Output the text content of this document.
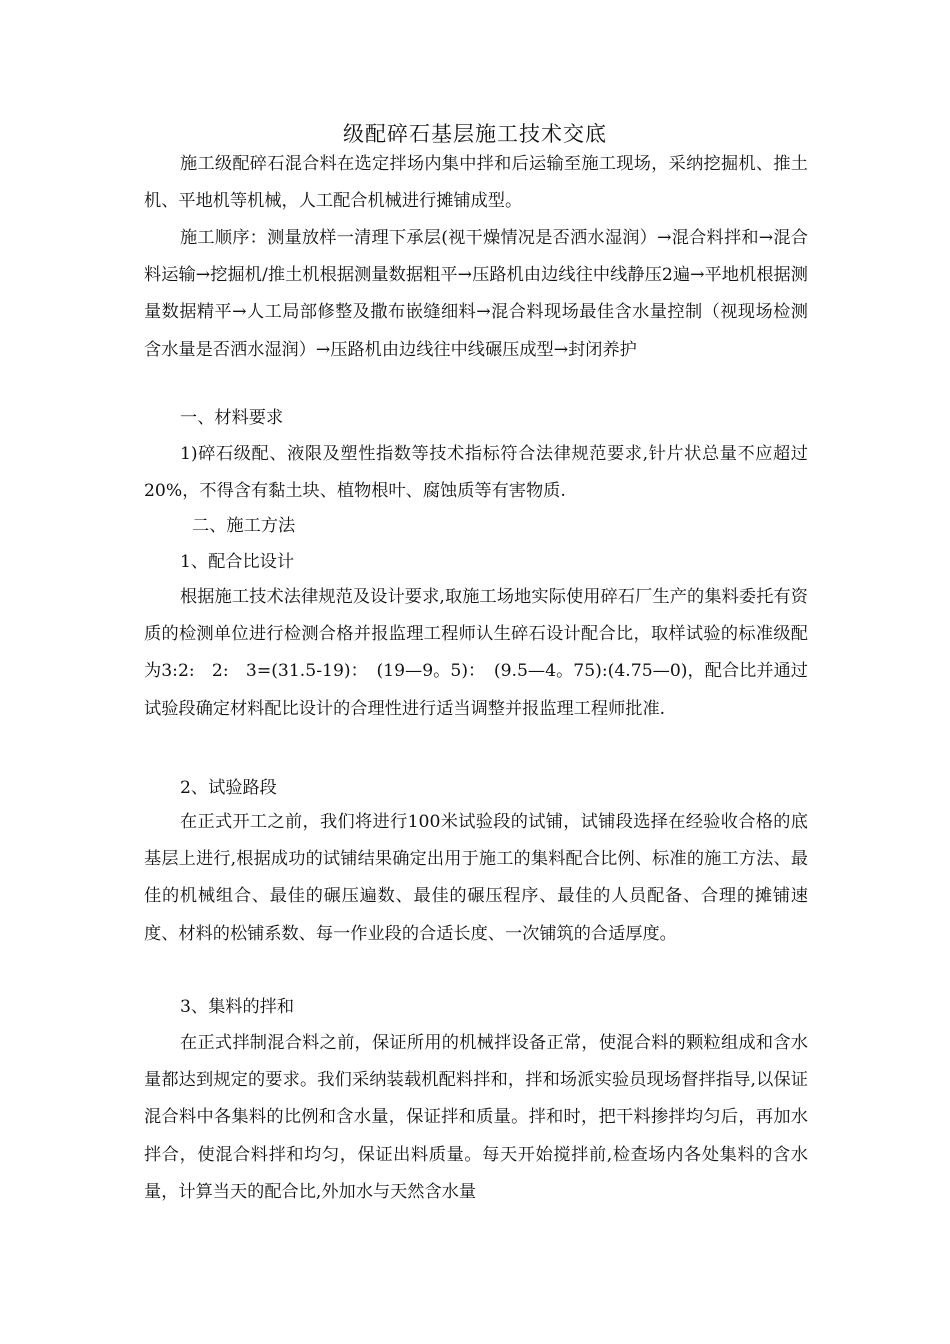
级配碎石基层施工技术交底

施工级配碎石混合料在选定拌场内集中拌和后运输至施工现场，采纳挖掘机、推土机、平地机等机械，人工配合机械进行摊铺成型。

施工顺序：测量放样一清理下承层(视干燥情况是否洒水湿润）→混合料拌和→混合料运输→挖掘机/推土机根据测量数据粗平→压路机由边线往中线静压2遍→平地机根据测量数据精平→人工局部修整及撒布嵌缝细料→混合料现场最佳含水量控制（视现场检测含水量是否洒水湿润）→压路机由边线往中线碾压成型→封闭养护

一、材料要求

1)碎石级配、液限及塑性指数等技术指标符合法律规范要求,针片状总量不应超过20%，不得含有黏土块、植物根叶、腐蚀质等有害物质.

二、施工方法

1、配合比设计

根据施工技术法律规范及设计要求,取施工场地实际使用碎石厂生产的集料委托有资质的检测单位进行检测合格并报监理工程师认生碎石设计配合比，取样试验的标准级配为3:2:　2:　3=(31.5-19)：　(19—9。5)：　(9.5—4。75):(4.75—0)，配合比并通过试验段确定材料配比设计的合理性进行适当调整并报监理工程师批准.

2、试验路段

在正式开工之前，我们将进行100米试验段的试铺，试铺段选择在经验收合格的底基层上进行,根据成功的试铺结果确定出用于施工的集料配合比例、标准的施工方法、最佳的机械组合、最佳的碾压遍数、最佳的碾压程序、最佳的人员配备、合理的摊铺速度、材料的松铺系数、每一作业段的合适长度、一次铺筑的合适厚度。

3、集料的拌和

在正式拌制混合料之前，保证所用的机械拌设备正常，使混合料的颗粒组成和含水量都达到规定的要求。我们采纳装载机配料拌和，拌和场派实验员现场督拌指导,以保证混合料中各集料的比例和含水量，保证拌和质量。拌和时，把干料掺拌均匀后，再加水拌合，使混合料拌和均匀，保证出料质量。每天开始搅拌前,检查场内各处集料的含水量，计算当天的配合比,外加水与天然含水量
